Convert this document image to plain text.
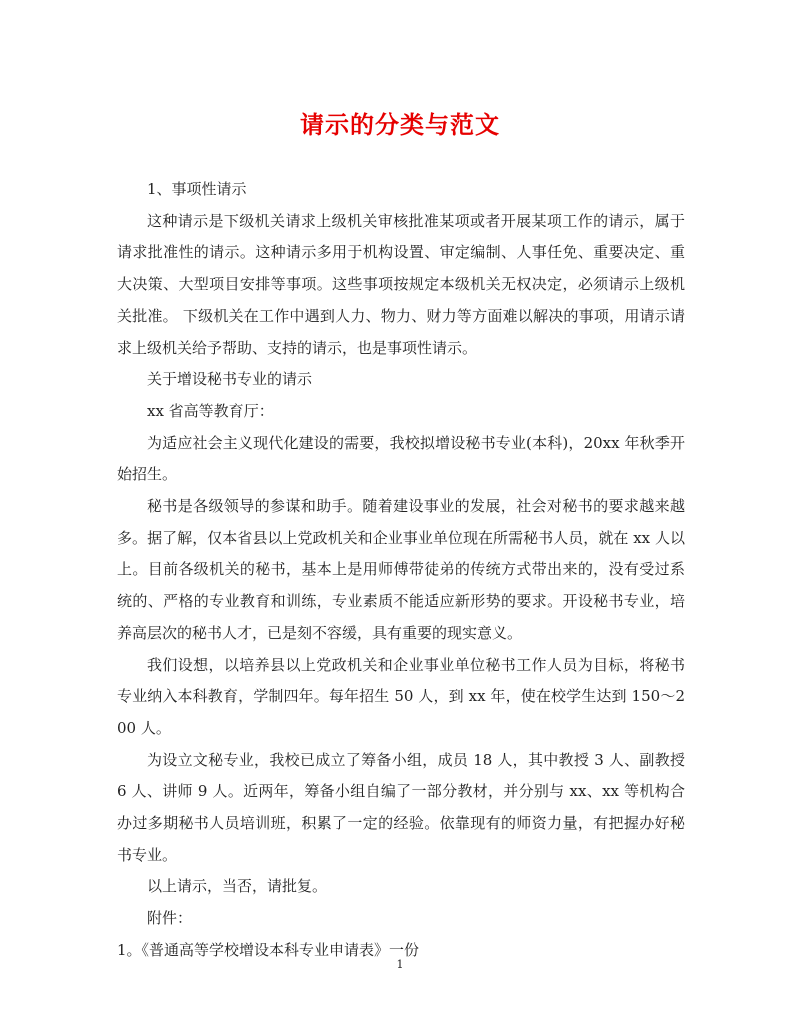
请示的分类与范文

1、事项性请示

这种请示是下级机关请求上级机关审核批准某项或者开展某项工作的请示，属于请求批准性的请示。这种请示多用于机构设置、审定编制、人事任免、重要决定、重大决策、大型项目安排等事项。这些事项按规定本级机关无权决定，必须请示上级机关批准。 下级机关在工作中遇到人力、物力、财力等方面难以解决的事项，用请示请求上级机关给予帮助、支持的请示，也是事项性请示。

关于增设秘书专业的请示

xx 省高等教育厅：

为适应社会主义现代化建设的需要，我校拟增设秘书专业(本科)，20xx 年秋季开始招生。

秘书是各级领导的参谋和助手。随着建设事业的发展，社会对秘书的要求越来越多。据了解，仅本省县以上党政机关和企业事业单位现在所需秘书人员，就在 xx 人以上。目前各级机关的秘书，基本上是用师傅带徒弟的传统方式带出来的，没有受过系统的、严格的专业教育和训练，专业素质不能适应新形势的要求。开设秘书专业，培养高层次的秘书人才，已是刻不容缓，具有重要的现实意义。

我们设想，以培养县以上党政机关和企业事业单位秘书工作人员为目标，将秘书专业纳入本科教育，学制四年。每年招生 50 人，到 xx 年，使在校学生达到 150～200 人。

为设立文秘专业，我校已成立了筹备小组，成员 18 人，其中教授 3 人、副教授 6 人、讲师 9 人。近两年，筹备小组自编了一部分教材，并分别与 xx、xx 等机构合办过多期秘书人员培训班，积累了一定的经验。依靠现有的师资力量，有把握办好秘书专业。

以上请示，当否，请批复。

附件：

1。《普通高等学校增设本科专业申请表》一份

1
